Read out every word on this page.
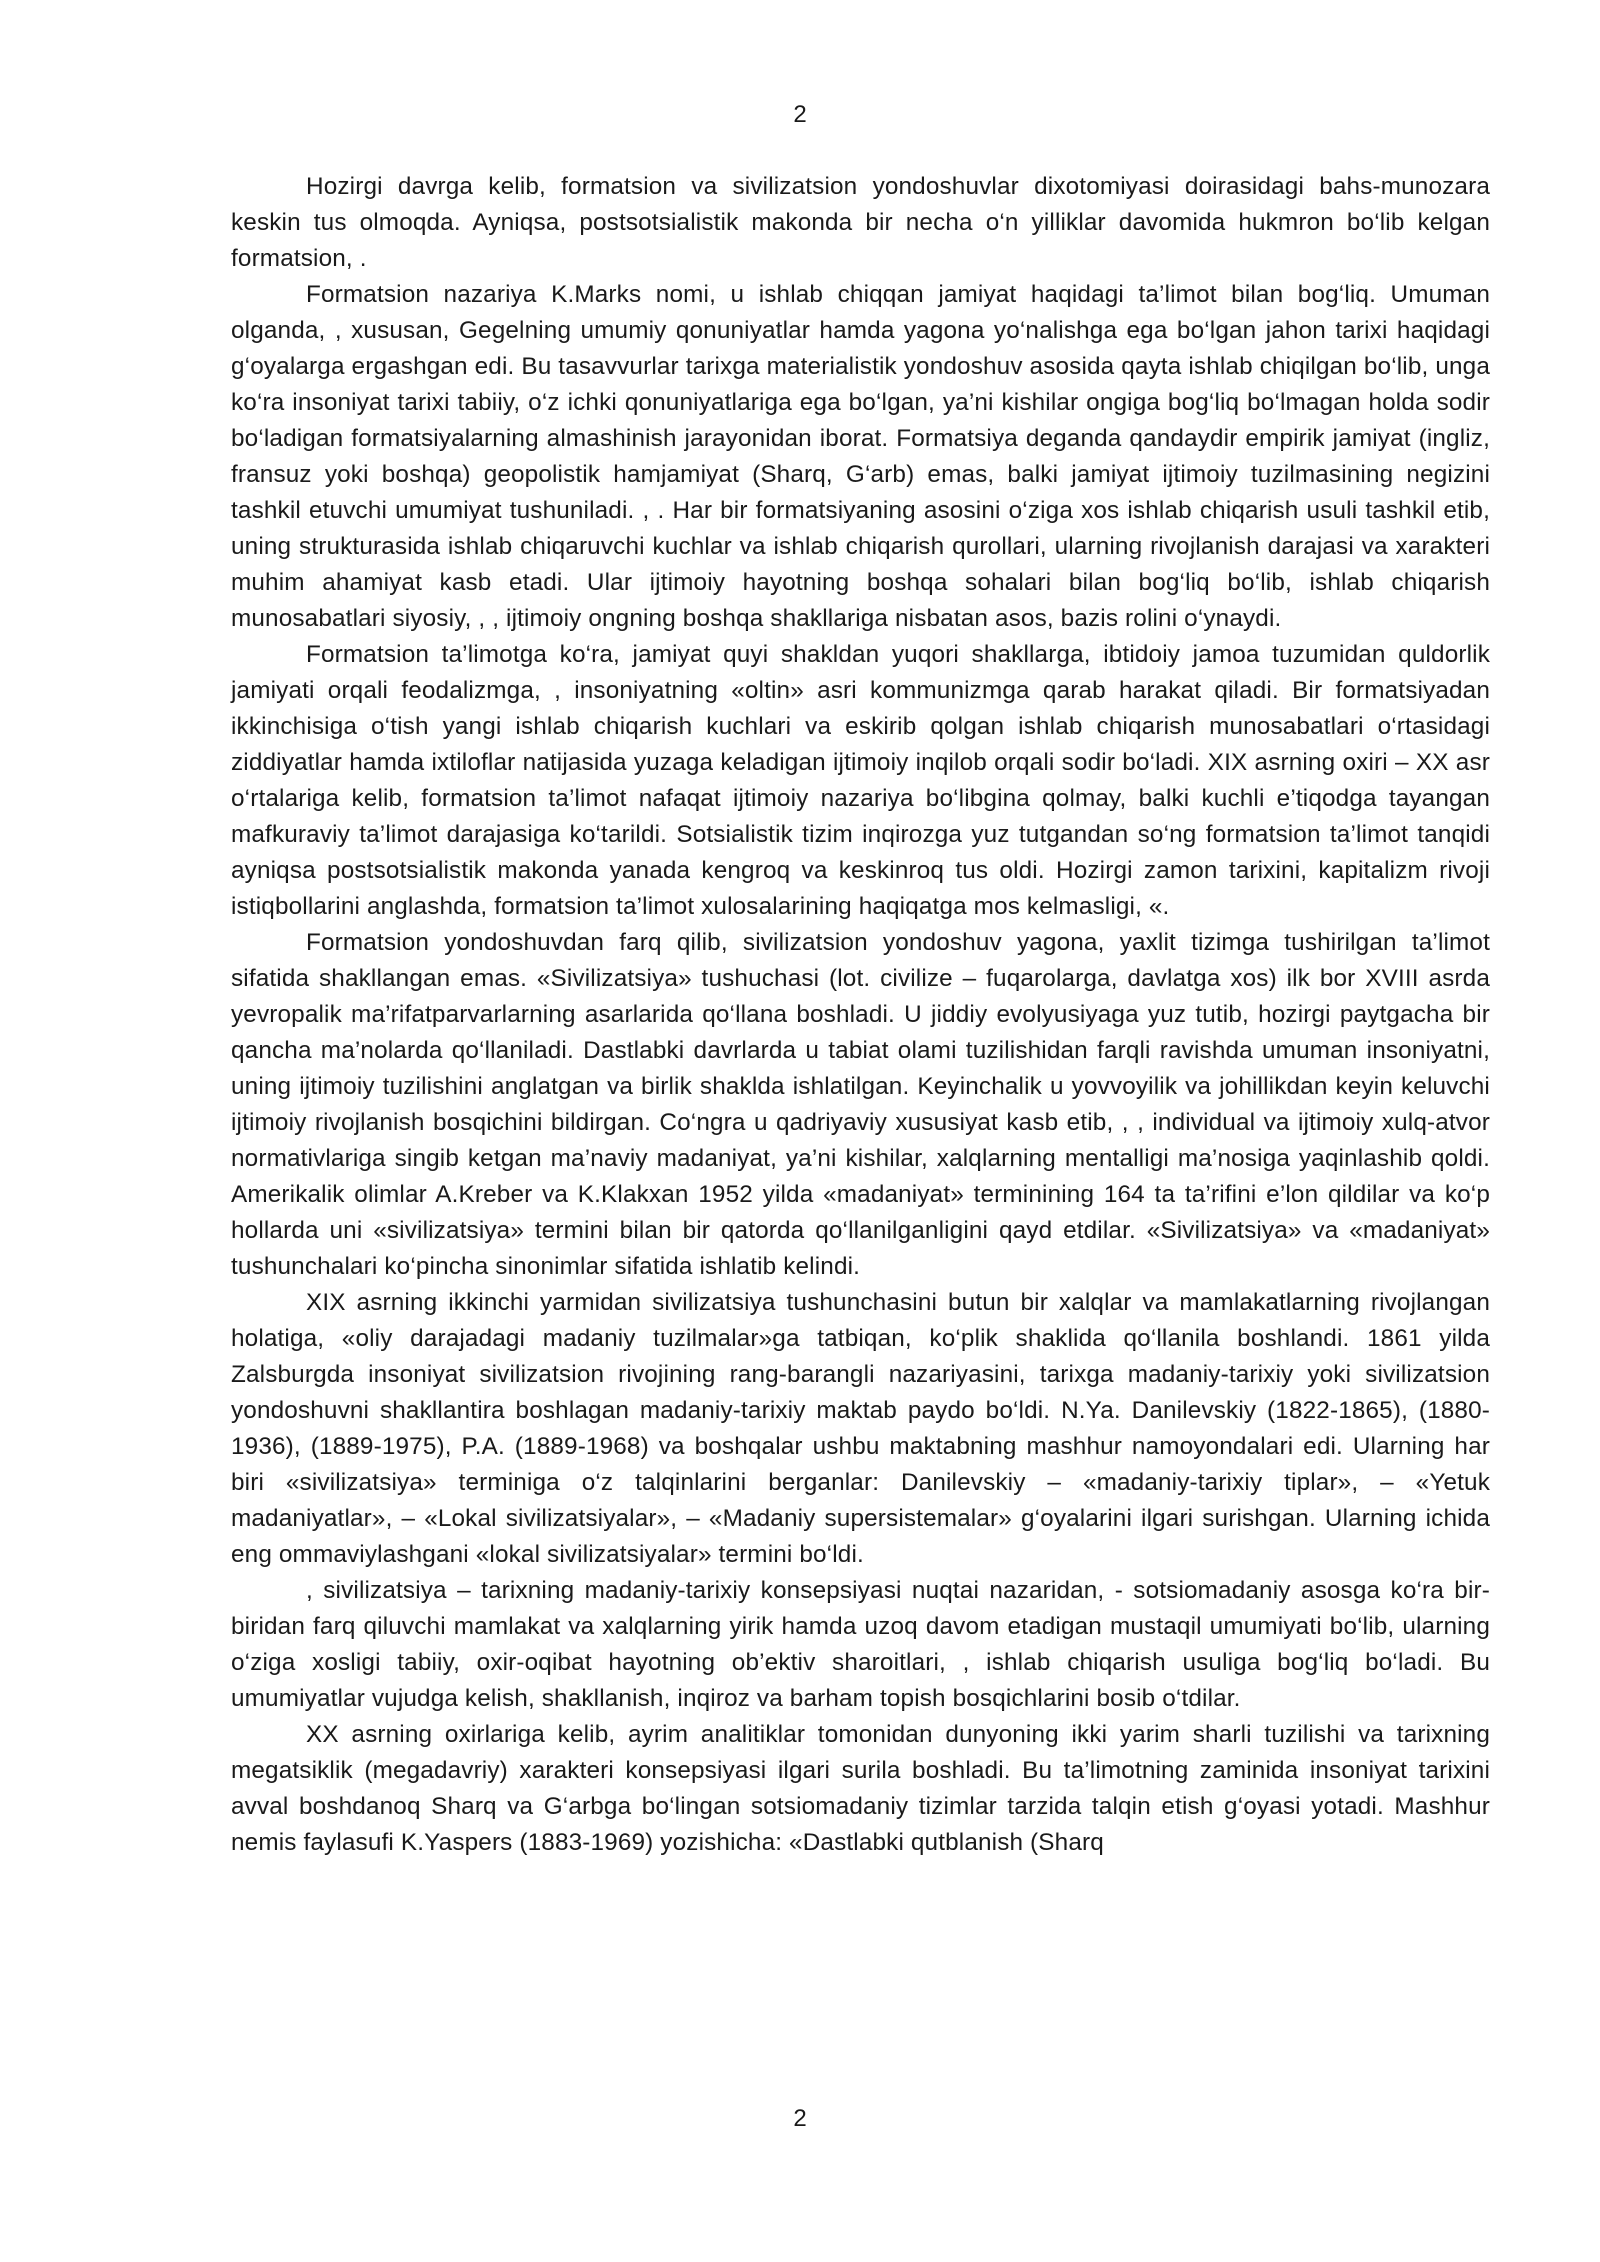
2

Hozirgi davrga kelib, formatsion va sivilizatsion yondoshuvlar dixotomiyasi doirasidagi bahs-munozara keskin tus olmoqda. Ayniqsa, postsotsialistik makonda bir necha o‘n yilliklar davomida hukmron bo‘lib kelgan formatsion, .

Formatsion nazariya K.Marks nomi, u ishlab chiqqan jamiyat haqidagi ta’limot bilan bog‘liq. Umuman olganda, , xususan, Gegelning umumiy qonuniyatlar hamda yagona yo‘nalishga ega bo‘lgan jahon tarixi haqidagi g‘oyalarga ergashgan edi. Bu tasavvurlar tarixga materialistik yondoshuv asosida qayta ishlab chiqilgan bo‘lib, unga ko‘ra insoniyat tarixi tabiiy, o‘z ichki qonuniyatlariga ega bo‘lgan, ya’ni kishilar ongiga bog‘liq bo‘lmagan holda sodir bo‘ladigan formatsiyalarning almashinish jarayonidan iborat. Formatsiya deganda qandaydir empirik jamiyat (ingliz, fransuz yoki boshqa) geopolistik hamjamiyat (Sharq, G‘arb) emas, balki jamiyat ijtimoiy tuzilmasining negizini tashkil etuvchi umumiyat tushuniladi. , . Har bir formatsiyaning asosini o‘ziga xos ishlab chiqarish usuli tashkil etib, uning strukturasida ishlab chiqaruvchi kuchlar va ishlab chiqarish qurollari, ularning rivojlanish darajasi va xarakteri muhim ahamiyat kasb etadi. Ular ijtimoiy hayotning boshqa sohalari bilan bog‘liq bo‘lib, ishlab chiqarish munosabatlari siyosiy, , , ijtimoiy ongning boshqa shakllariga nisbatan asos, bazis rolini o‘ynaydi.

Formatsion ta’limotga ko‘ra, jamiyat quyi shakldan yuqori shakllarga, ibtidoiy jamoa tuzumidan quldorlik jamiyati orqali feodalizmga, , insoniyatning «oltin» asri kommunizmga qarab harakat qiladi. Bir formatsiyadan ikkinchisiga o‘tish yangi ishlab chiqarish kuchlari va eskirib qolgan ishlab chiqarish munosabatlari o‘rtasidagi ziddiyatlar hamda ixtiloflar natijasida yuzaga keladigan ijtimoiy inqilob orqali sodir bo‘ladi. XIX asrning oxiri – XX asr o‘rtalariga kelib, formatsion ta’limot nafaqat ijtimoiy nazariya bo‘libgina qolmay, balki kuchli e’tiqodga tayangan mafkuraviy ta’limot darajasiga ko‘tarildi. Sotsialistik tizim inqirozga yuz tutgandan so‘ng formatsion ta’limot tanqidi ayniqsa postsotsialistik makonda yanada kengroq va keskinroq tus oldi. Hozirgi zamon tarixini, kapitalizm rivoji istiqbollarini anglashda, formatsion ta’limot xulosalarining haqiqatga mos kelmasligi, «.

Formatsion yondoshuvdan farq qilib, sivilizatsion yondoshuv yagona, yaxlit tizimga tushirilgan ta’limot sifatida shakllangan emas. «Sivilizatsiya» tushuchasi (lot. civilize – fuqarolarga, davlatga xos) ilk bor XVIII asrda yevropalik ma’rifatparvarlarning asarlarida qo‘llana boshladi. U jiddiy evolyusiyaga yuz tutib, hozirgi paytgacha bir qancha ma’nolarda qo‘llaniladi. Dastlabki davrlarda u tabiat olami tuzilishidan farqli ravishda umuman insoniyatni, uning ijtimoiy tuzilishini anglatgan va birlik shaklda ishlatilgan. Keyinchalik u yovvoyilik va johillikdan keyin keluvchi ijtimoiy rivojlanish bosqichini bildirgan. Co‘ngra u qadriyaviy xususiyat kasb etib, , , individual va ijtimoiy xulq-atvor normativlariga singib ketgan ma’naviy madaniyat, ya’ni kishilar, xalqlarning mentalligi ma’nosiga yaqinlashib qoldi. Amerikalik olimlar A.Kreber va K.Klakxan 1952 yilda «madaniyat» terminining 164 ta ta’rifini e’lon qildilar va ko‘p hollarda uni «sivilizatsiya» termini bilan bir qatorda qo‘llanilganligini qayd etdilar. «Sivilizatsiya» va «madaniyat» tushunchalari ko‘pincha sinonimlar sifatida ishlatib kelindi.

XIX asrning ikkinchi yarmidan sivilizatsiya tushunchasini butun bir xalqlar va mamlakatlarning rivojlangan holatiga, «oliy darajadagi madaniy tuzilmalar»ga tatbiqan, ko‘plik shaklida qo‘llanila boshlandi. 1861 yilda Zalsburgda insoniyat sivilizatsion rivojining rang-barangli nazariyasini, tarixga madaniy-tarixiy yoki sivilizatsion yondoshuvni shakllantira boshlagan madaniy-tarixiy maktab paydo bo‘ldi. N.Ya. Danilevskiy (1822-1865), (1880-1936), (1889-1975), P.A. (1889-1968) va boshqalar ushbu maktabning mashhur namoyondalari edi. Ularning har biri «sivilizatsiya» terminiga o‘z talqinlarini berganlar: Danilevskiy – «madaniy-tarixiy tiplar», – «Yetuk madaniyatlar», – «Lokal sivilizatsiyalar», – «Madaniy supersistemalar» g‘oyalarini ilgari surishgan. Ularning ichida eng ommaviylashgani «lokal sivilizatsiyalar» termini bo‘ldi.

, sivilizatsiya – tarixning madaniy-tarixiy konsepsiyasi nuqtai nazaridan, - sotsiomadaniy asosga ko‘ra bir-biridan farq qiluvchi mamlakat va xalqlarning yirik hamda uzoq davom etadigan mustaqil umumiyati bo‘lib, ularning o‘ziga xosligi tabiiy, oxir-oqibat hayotning ob’ektiv sharoitlari, , ishlab chiqarish usuliga bog‘liq bo‘ladi. Bu umumiyatlar vujudga kelish, shakllanish, inqiroz va barham topish bosqichlarini bosib o‘tdilar.

XX asrning oxirlariga kelib, ayrim analitiklar tomonidan dunyoning ikki yarim sharli tuzilishi va tarixning megatsiklik (megadavriy) xarakteri konsepsiyasi ilgari surila boshladi. Bu ta’limotning zaminida insoniyat tarixini avval boshdanoq Sharq va G‘arbga bo‘lingan sotsiomadaniy tizimlar tarzida talqin etish g‘oyasi yotadi. Mashhur nemis faylasufi K.Yaspers (1883-1969) yozishicha: «Dastlabki qutblanish (Sharq

2
